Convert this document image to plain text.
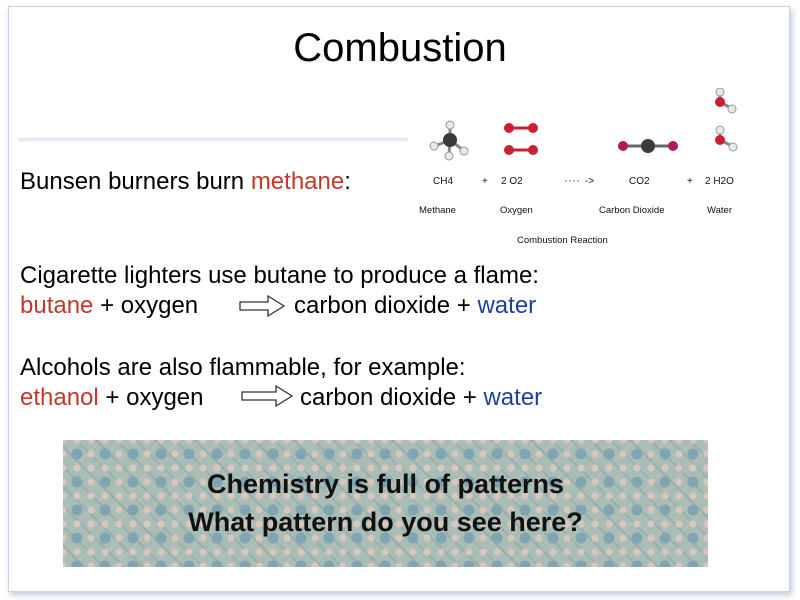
Combustion
Bunsen burners burn methane:	CH4	+ 2 O2	->	CO2	+ 2 H2O
Methane	Oxygen	Carbon Dioxide	Water
Combustion Reaction
Cigarette lighters use butane to produce a flame:
butane + oxygen	carbon dioxide + water
Alcohols are also flammable, for example:
ethanol + oxygen	carbon dioxide + water
Chemistry is full of patterns
What pattern do you see here?
